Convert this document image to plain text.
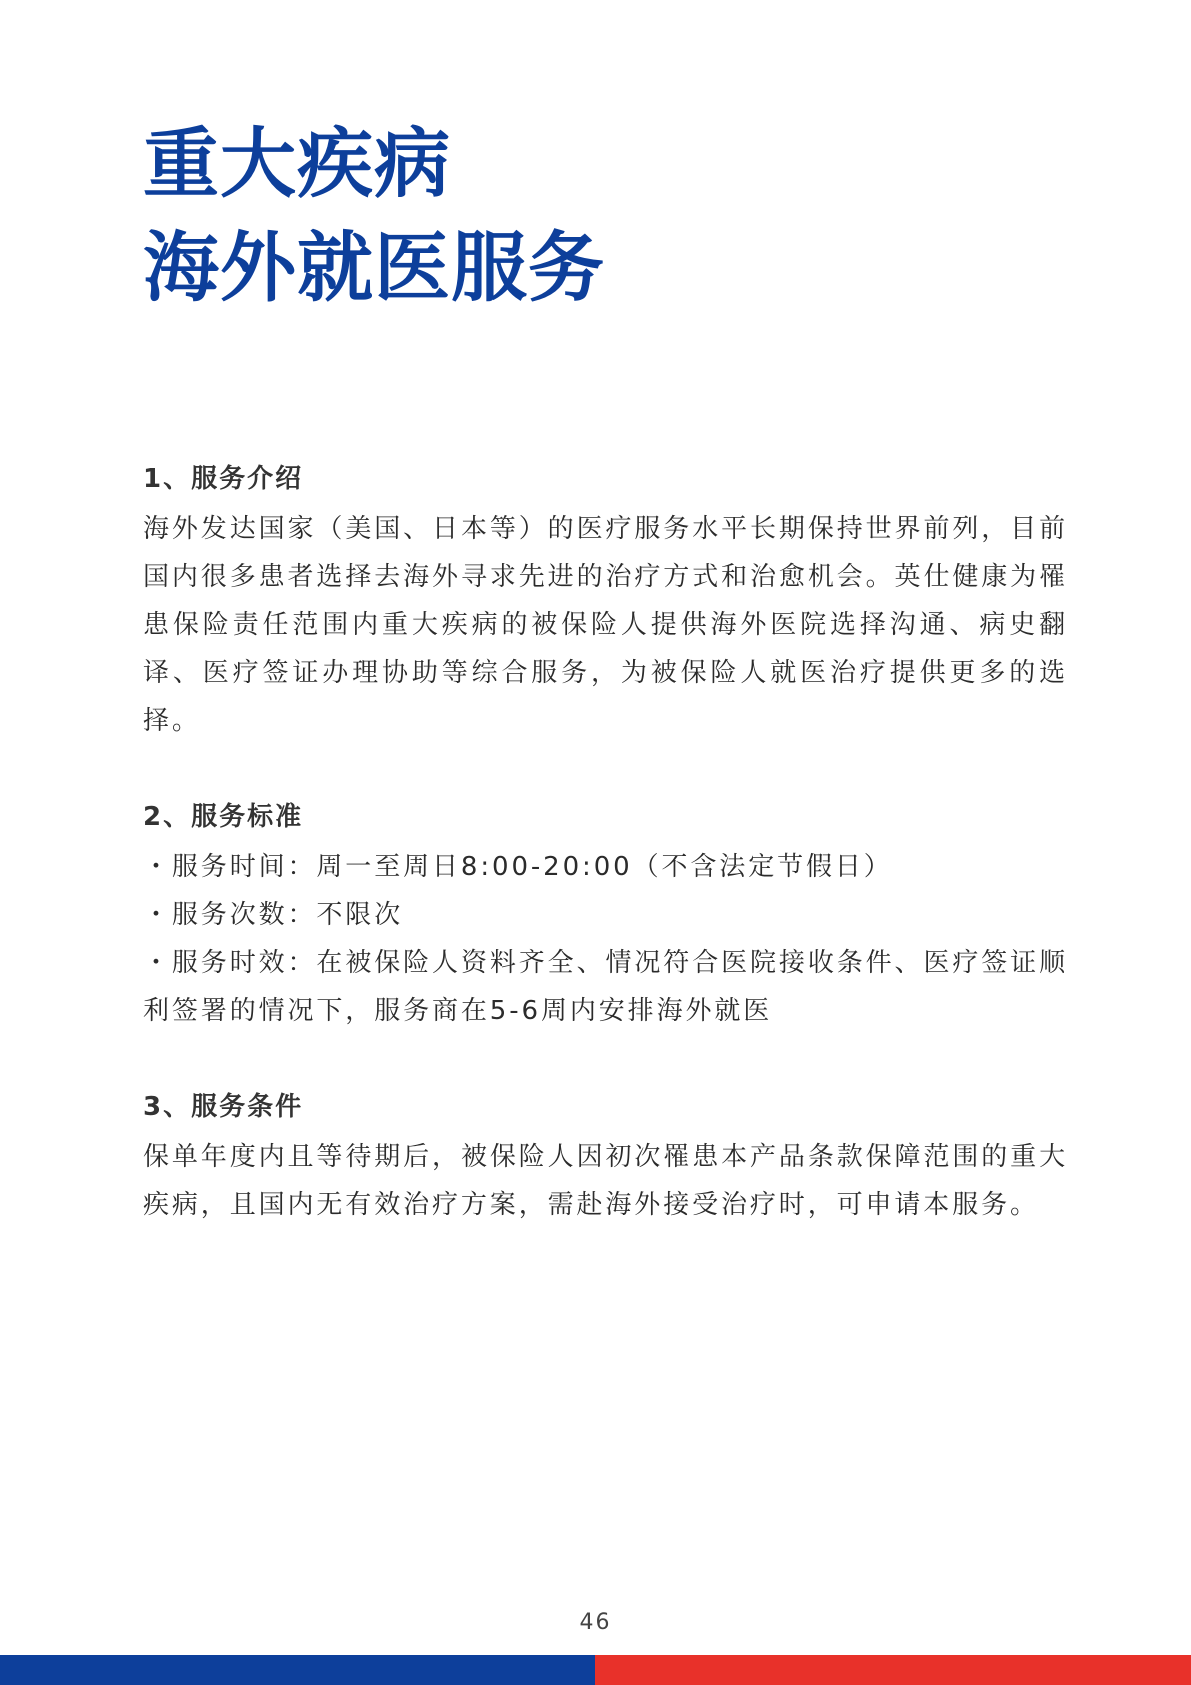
重大疾病
海外就医服务
1、服务介绍

海外发达国家（美国、日本等）的医疗服务水平长期保持世界前列，目前国内很多患者选择去海外寻求先进的治疗方式和治愈机会。英仕健康为罹患保险责任范围内重大疾病的被保险人提供海外医院选择沟通、病史翻译、医疗签证办理协助等综合服务，为被保险人就医治疗提供更多的选择。

2、服务标准

・服务时间：周一至周日8:00-20:00（不含法定节假日）

・服务次数：不限次

・服务时效：在被保险人资料齐全、情况符合医院接收条件、医疗签证顺利签署的情况下，服务商在5-6周内安排海外就医

3、服务条件

保单年度内且等待期后，被保险人因初次罹患本产品条款保障范围的重大疾病，且国内无有效治疗方案，需赴海外接受治疗时，可申请本服务。

46
